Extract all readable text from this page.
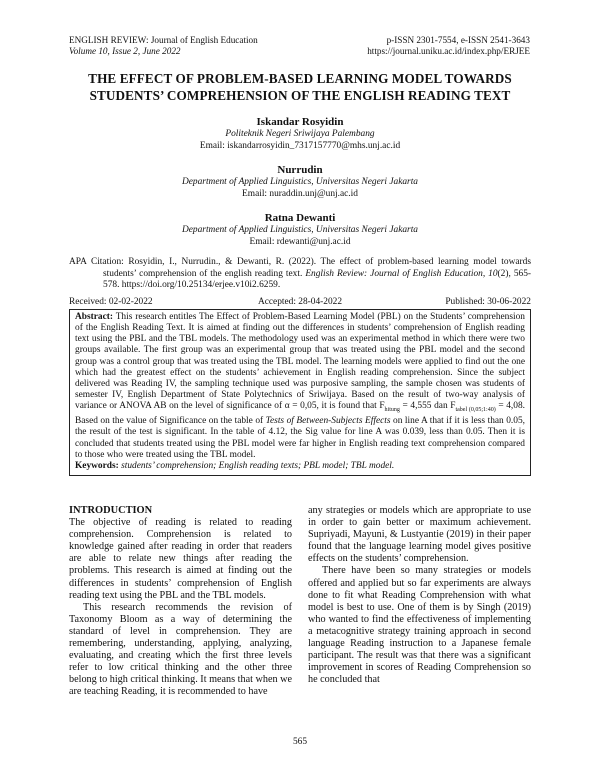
ENGLISH REVIEW: Journal of English Education
Volume 10, Issue 2, June 2022
p-ISSN 2301-7554, e-ISSN 2541-3643
https://journal.uniku.ac.id/index.php/ERJEE
THE EFFECT OF PROBLEM-BASED LEARNING MODEL TOWARDS
STUDENTS’ COMPREHENSION OF THE ENGLISH READING TEXT
Iskandar Rosyidin
Politeknik Negeri Sriwijaya Palembang
Email: iskandarrosyidin_7317157770@mhs.unj.ac.id
Nurrudin
Department of Applied Linguistics, Universitas Negeri Jakarta
Email: nuraddin.unj@unj.ac.id
Ratna Dewanti
Department of Applied Linguistics, Universitas Negeri Jakarta
Email: rdewanti@unj.ac.id
APA Citation: Rosyidin, I., Nurrudin., & Dewanti, R. (2022). The effect of problem-based learning model towards students’ comprehension of the english reading text. English Review: Journal of English Education, 10(2), 565-578. https://doi.org/10.25134/erjee.v10i2.6259.
Received: 02-02-2022	Accepted: 28-04-2022	Published: 30-06-2022
Abstract: This research entitles The Effect of Problem-Based Learning Model (PBL) on the Students’ comprehension of the English Reading Text. It is aimed at finding out the differences in students’ comprehension of English reading text using the PBL and the TBL models. The methodology used was an experimental method in which there were two groups available. The first group was an experimental group that was treated using the PBL model and the second group was a control group that was treated using the TBL model. The learning models were applied to find out the one which had the greatest effect on the students’ achievement in English reading comprehension. Since the subject delivered was Reading IV, the sampling technique used was purposive sampling, the sample chosen was students of semester IV, English Department of State Polytechnics of Sriwijaya. Based on the result of two-way analysis of variance or ANOVA AB on the level of significance of α = 0,05, it is found that $F_{hitung} = 4,555$ dan $F_{tabel (0,05;1:40)} = 4,08$. Based on the value of Significance on the table of Tests of Between-Subjects Effects on line A that if it is less than 0.05, the result of the test is significant. In the table of 4.12, the Sig value for line A was 0.039, less than 0.05. Then it is concluded that students treated using the PBL model were far higher in English reading text comprehension compared to those who were treated using the TBL model.
Keywords: students’ comprehension; English reading texts; PBL model; TBL model.
INTRODUCTION

The objective of reading is related to reading comprehension. Comprehension is related to knowledge gained after reading in order that readers are able to relate new things after reading the problems. This research is aimed at finding out the differences in students’ comprehension of English reading text using the PBL and the TBL models.

This research recommends the revision of Taxonomy Bloom as a way of determining the standard of level in comprehension. They are remembering, understanding, applying, analyzing, evaluating, and creating which the first three levels refer to low critical thinking and the other three belong to high critical thinking. It means that when we are teaching Reading, it is recommended to have

any strategies or models which are appropriate to use in order to gain better or maximum achievement. Supriyadi, Mayuni, & Lustyantie (2019) in their paper found that the language learning model gives positive effects on the students’ comprehension.

There have been so many strategies or models offered and applied but so far experiments are always done to fit what Reading Comprehension with what model is best to use. One of them is by Singh (2019) who wanted to find the effectiveness of implementing a metacognitive strategy training approach in second language Reading instruction to a Japanese female participant. The result was that there was a significant improvement in scores of Reading Comprehension so he concluded that

565
